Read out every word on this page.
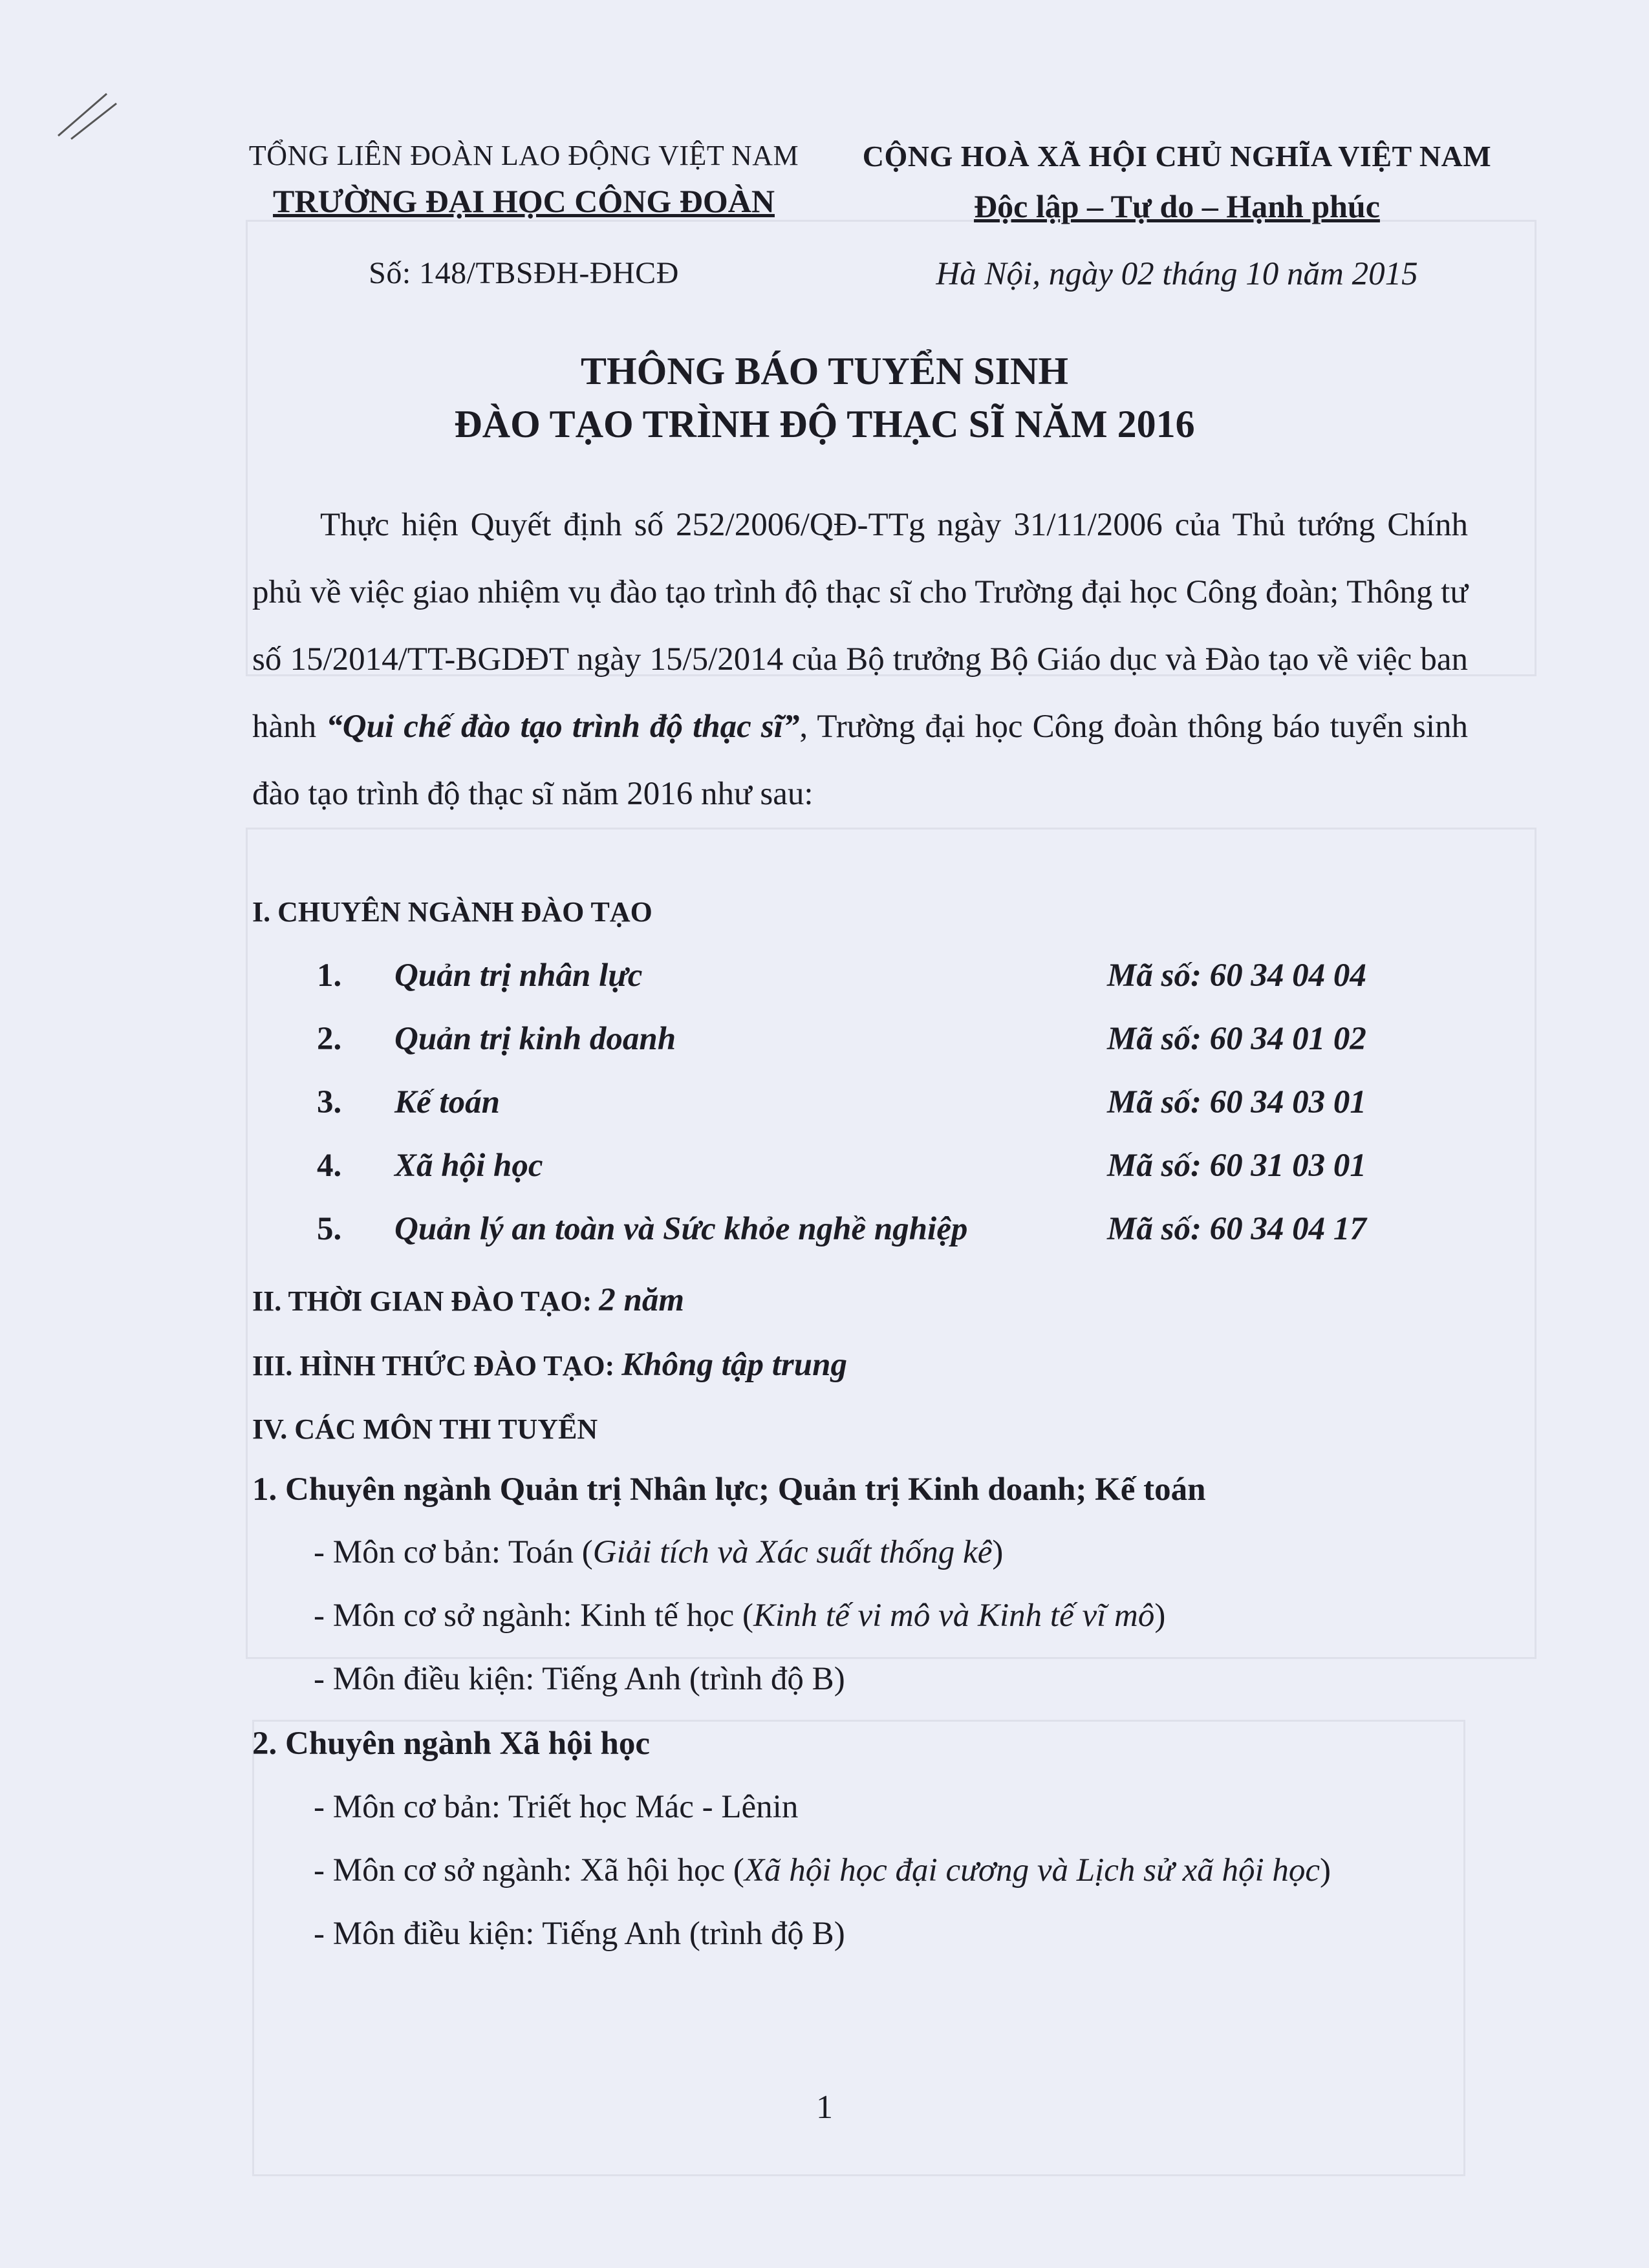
TỔNG LIÊN ĐOÀN LAO ĐỘNG VIỆT NAM
TRƯỜNG ĐẠI HỌC CÔNG ĐOÀN
Số: 148/TBSĐH-ĐHCĐ
CỘNG HOÀ XÃ HỘI CHỦ NGHĨA VIỆT NAM
Độc lập – Tự do – Hạnh phúc
Hà Nội, ngày 02 tháng 10 năm 2015
THÔNG BÁO TUYỂN SINH
ĐÀO TẠO TRÌNH ĐỘ THẠC SĨ NĂM 2016
Thực hiện Quyết định số 252/2006/QĐ-TTg ngày 31/11/2006 của Thủ tướng Chính phủ về việc giao nhiệm vụ đào tạo trình độ thạc sĩ cho Trường đại học Công đoàn; Thông tư số 15/2014/TT-BGDĐT ngày 15/5/2014 của Bộ trưởng Bộ Giáo dục và Đào tạo về việc ban hành “Qui chế đào tạo trình độ thạc sĩ”, Trường đại học Công đoàn thông báo tuyển sinh đào tạo trình độ thạc sĩ năm 2016 như sau:
I. CHUYÊN NGÀNH ĐÀO TẠO
1. Quản trị nhân lực	Mã số: 60 34 04 04
2. Quản trị kinh doanh	Mã số: 60 34 01 02
3. Kế toán	Mã số: 60 34 03 01
4. Xã hội học	Mã số: 60 31 03 01
5. Quản lý an toàn và Sức khỏe nghề nghiệp	Mã số: 60 34 04 17
II. THỜI GIAN ĐÀO TẠO: 2 năm
III. HÌNH THỨC ĐÀO TẠO: Không tập trung
IV. CÁC MÔN THI TUYỂN
1. Chuyên ngành Quản trị Nhân lực; Quản trị Kinh doanh; Kế toán
- Môn cơ bản: Toán (Giải tích và Xác suất thống kê)
- Môn cơ sở ngành: Kinh tế học (Kinh tế vi mô và Kinh tế vĩ mô)
- Môn điều kiện: Tiếng Anh (trình độ B)
2. Chuyên ngành Xã hội học
- Môn cơ bản: Triết học Mác - Lênin
- Môn cơ sở ngành: Xã hội học (Xã hội học đại cương và Lịch sử xã hội học)
- Môn điều kiện: Tiếng Anh (trình độ B)
1
